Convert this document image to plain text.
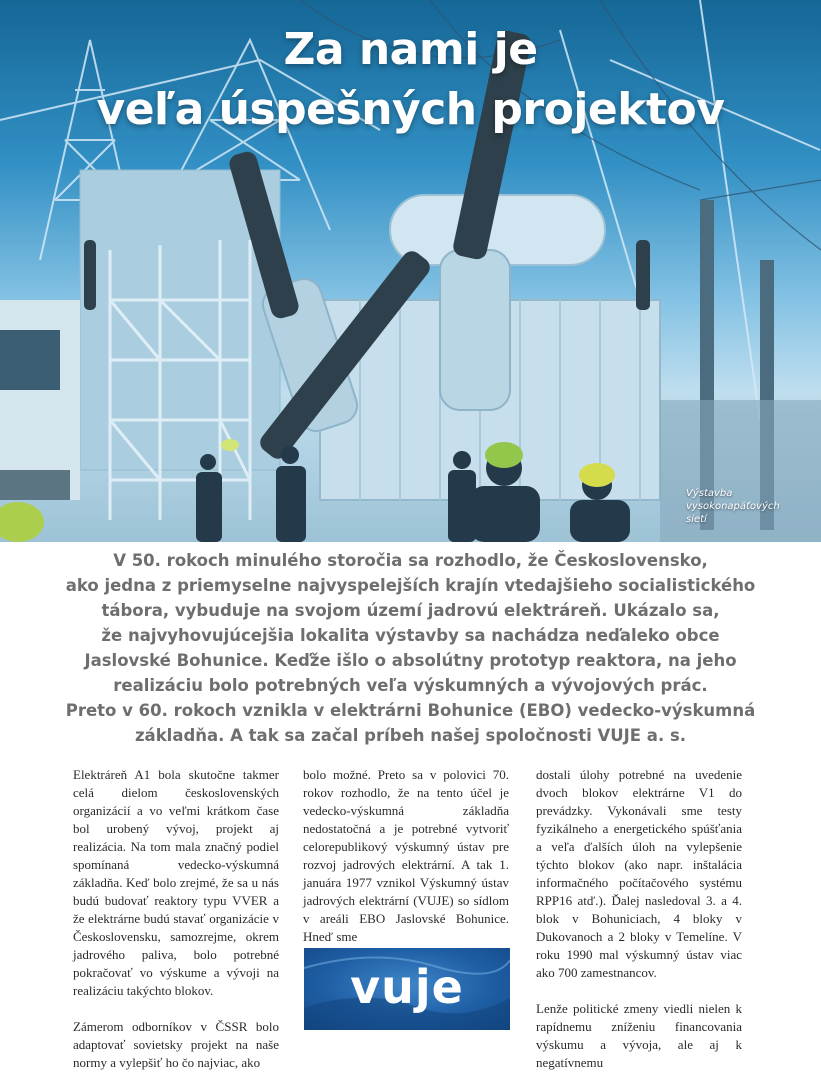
Za nami je
veľa úspešných projektov
Výstavba vysokonapäťových sietí

V 50. rokoch minulého storočia sa rozhodlo, že Československo,
ako jedna z priemyselne najvyspelejších krajín vtedajšieho socialistického
tábora, vybuduje na svojom území jadrovú elektráreň. Ukázalo sa,
že najvyhovujúcejšia lokalita výstavby sa nachádza neďaleko obce
Jaslovské Bohunice. Keďže išlo o absolútny prototyp reaktora, na jeho
realizáciu bolo potrebných veľa výskumných a vývojových prác.
Preto v 60. rokoch vznikla v elektrárni Bohunice (EBO) vedecko-výskumná
základňa. A tak sa začal príbeh našej spoločnosti VUJE a. s.

Elektráreň A1 bola skutočne takmer celá dielom československých organizácií a vo veľmi krátkom čase bol urobený vývoj, projekt aj realizácia. Na tom mala značný podiel spomínaná vedecko-výskumná základňa. Keď bolo zrejmé, že sa u nás budú budovať reaktory typu VVER a že elektrárne budú stavať organizácie v Československu, samozrejme, okrem jadrového paliva, bolo potrebné pokračovať vo výskume a vývoji na realizáciu takýchto blokov.

Zámerom odborníkov v ČSSR bolo adaptovať sovietsky projekt na naše normy a vylepšiť ho čo najviac, ako

bolo možné. Preto sa v polovici 70. rokov rozhodlo, že na tento účel je vedecko-výskumná základňa nedostatočná a je potrebné vytvoriť celorepublikový výskumný ústav pre rozvoj jadrových elektrární. A tak 1. januára 1977 vznikol Výskumný ústav jadrových elektrární (VUJE) so sídlom v areáli EBO Jaslovské Bohunice. Hneď sme

vuje

dostali úlohy potrebné na uvedenie dvoch blokov elektrárne V1 do prevádzky. Vykonávali sme testy fyzikálneho a energetického spúšťania a veľa ďalších úloh na vylepšenie týchto blokov (ako napr. inštalácia informačného počítačového systému RPP16 atď.). Ďalej nasledoval 3. a 4. blok v Bohuniciach, 4 bloky v Dukovanoch a 2 bloky v Temelíne. V roku 1990 mal výskumný ústav viac ako 700 zamestnancov.

Lenže politické zmeny viedli nielen k rapídnemu zníženiu financovania výskumu a vývoja, ale aj k negatívnemu
